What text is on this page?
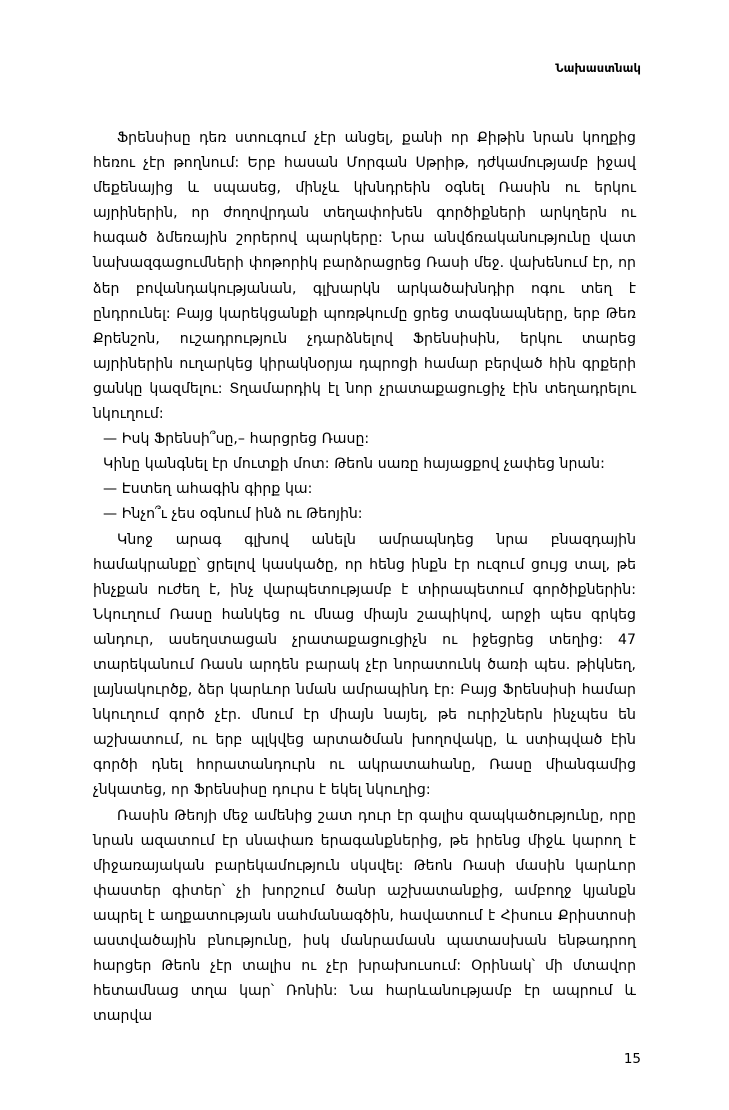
Նախաստնակ

Ֆրենսիսը դեռ ստուգում չէր անցել, քանի որ Քիթին նրան կողքից հեռու չէր թողնում: Երբ հասան Մորգան Սթրիթ, դժկամությամբ իջավ մեքենայից և սպասեց, մինչև կխնդրեին օգնել Ռասին ու երկու այրիներին, որ ժողովրդան տեղափոխեն գործիքների արկղերն ու հագած ձմեռային շորերով պարկերը: Նրա անվճռականությունը վատ նախազգացումների փոթորիկ բարձրացրեց Ռասի մեջ. վախենում էր, որ ձեր բովանդակությանան, գլխարկն արկածախնդիր ոգու տեղ է ընդրունել: Բայց կարեկցանքի պոռթկումը ցրեց տագնապները, երբ Թեռ Քրենշոն, ուշադրություն չդարձնելով Ֆրենսիսին, երկու տարեց այրիներին ուղարկեց կիրակնօրյա դպրոցի համար բերված հին գրքերի ցանկը կազմելու: Տղամարդիկ էլ նոր չրատաքացուցիչ էին տեղադրելու նկուղում:

— Իսկ Ֆրենսի՞սը,– հարցրեց Ռասը:

Կինը կանգնել էր մուտքի մոտ: Թեոն սառը հայացքով չափեց նրան:

— Էստեղ ահագին գիրք կա:

— Ինչո՞ւ չես օգնում ինձ ու Թեոյին:

Կնոջ արագ գլխով անելն ամրապնդեց նրա բնազդային համակրանքը՝ ցրելով կասկածը, որ հենց ինքն էր ուզում ցույց տալ, թե ինչքան ուժեղ է, ինչ վարպետությամբ է տիրապետում գործիքներին: Նկուղում Ռասը հանկեց ու մնաց միայն շապիկով, արջի պես գրկեց անդուր, ասեղստացան չրատաքացուցիչն ու իջեցրեց տեղից: 47 տարեկանում Ռասն արդեն բարակ չէր նորատունկ ծառի պես. թիկնեղ, լայնակուրծք, ձեր կարևոր նման ամրապինդ էր: Բայց Ֆրենսիսի համար նկուղում գործ չէր. մնում էր միայն նայել, թե ուրիշներն ինչպես են աշխատում, ու երբ պլկվեց արտածման խողովակը, և ստիպված էին գործի դնել հորատանդուրն ու ակրատահանը, Ռասը միանգամից չնկատեց, որ Ֆրենսիսը դուրս է եկել նկուղից:

Ռասին Թեոյի մեջ ամենից շատ դուր էր գալիս զապկածությունը, որը նրան ազատում էր սնափառ երագանքներից, թե իրենց միջև կարող է միջառայական բարեկամություն սկսվել: Թեոն Ռասի մասին կարևոր փաստեր գիտեր՝ չի խորշում ծանր աշխատանքից, ամբողջ կյանքն ապրել է աղքատության սահմանագծին, հավատում է Հիսուս Քրիստոսի աստվածային բնությունը, իսկ մանրամասն պատասխան ենթադրող հարցեր Թեոն չէր տալիս ու չէր խրախուսում: Օրինակ՝ մի մտավոր հետամնաց տղա կար՝ Ռոնին: Նա հարևանությամբ էր ապրում և տարվա

15
